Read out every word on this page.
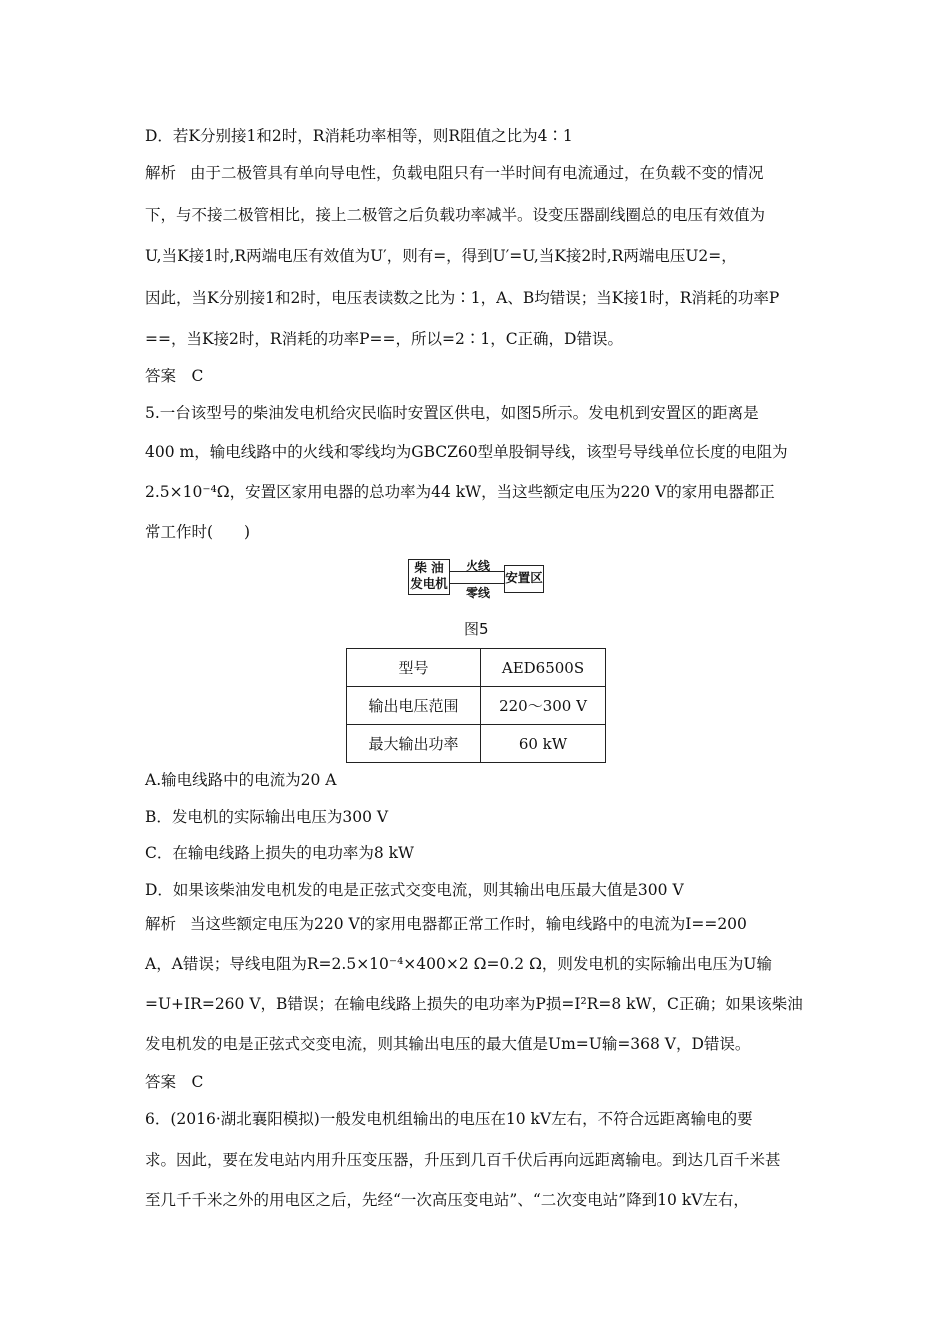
D．若K分别接1和2时，R消耗功率相等，则R阻值之比为4∶1
解析 由于二极管具有单向导电性，负载电阻只有一半时间有电流通过，在负载不变的情况
下，与不接二极管相比，接上二极管之后负载功率减半。设变压器副线圈总的电压有效值为
U,当K接1时,R两端电压有效值为U′，则有=，得到U′=U,当K接2时,R两端电压U2=，
因此，当K分别接1和2时，电压表读数之比为∶1，A、B均错误；当K接1时，R消耗的功率P
==，当K接2时，R消耗的功率P==，所以=2∶1，C正确，D错误。
答案　C
5.一台该型号的柴油发电机给灾民临时安置区供电，如图5所示。发电机到安置区的距离是
400 m，输电线路中的火线和零线均为GBCZ60型单股铜导线，该型号导线单位长度的电阻为
2.5×10⁻⁴Ω，安置区家用电器的总功率为44 kW，当这些额定电压为220 V的家用电器都正
常工作时(　　)
A.输电线路中的电流为20 A
B．发电机的实际输出电压为300 V
C．在输电线路上损失的电功率为8 kW
D．如果该柴油发电机发的电是正弦式交变电流，则其输出电压最大值是300 V
解析 当这些额定电压为220 V的家用电器都正常工作时，输电线路中的电流为I==200
A，A错误；导线电阻为R=2.5×10⁻⁴×400×2 Ω=0.2 Ω，则发电机的实际输出电压为U输
=U+IR=260 V，B错误；在输电线路上损失的电功率为P损=I²R=8 kW，C正确；如果该柴油
发电机发的电是正弦式交变电流，则其输出电压的最大值是Um=U输=368 V，D错误。
答案　C
6．(2016·湖北襄阳模拟)一般发电机组输出的电压在10 kV左右，不符合远距离输电的要
求。因此，要在发电站内用升压变压器，升压到几百千伏后再向远距离输电。到达几百千米甚
至几千千米之外的用电区之后，先经“一次高压变电站”、“二次变电站”降到10 kV左右，
柴 油
发电机
火线
零线
安置区
图5
型号	AED6500S
输出电压范围	220～300 V
最大输出功率	60 kW
